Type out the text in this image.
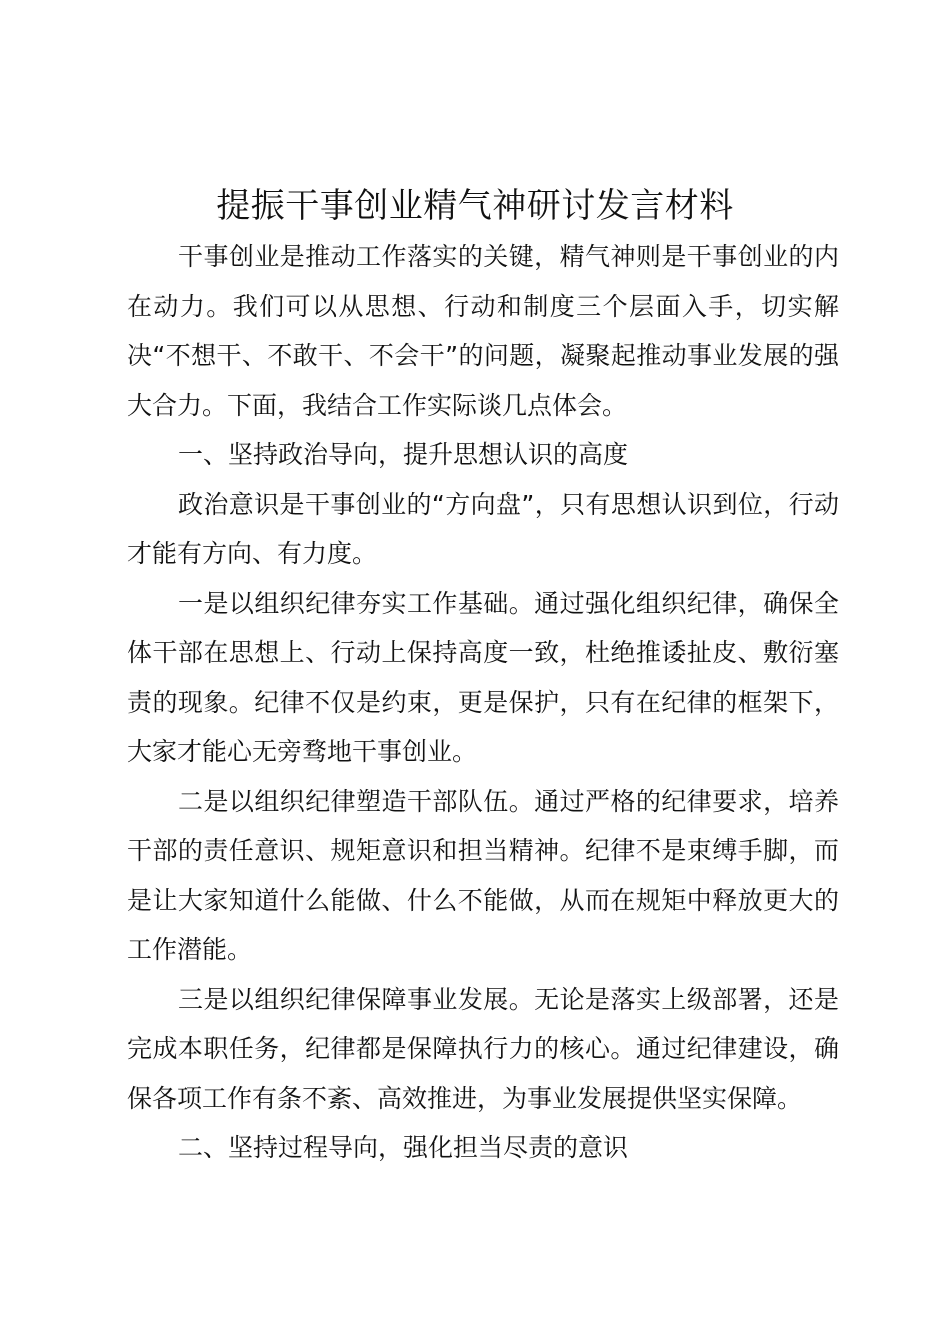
提振干事创业精气神研讨发言材料

干事创业是推动工作落实的关键，精气神则是干事创业的内在动力。我们可以从思想、行动和制度三个层面入手，切实解决“不想干、不敢干、不会干”的问题，凝聚起推动事业发展的强大合力。下面，我结合工作实际谈几点体会。

一、坚持政治导向，提升思想认识的高度

政治意识是干事创业的“方向盘”，只有思想认识到位，行动才能有方向、有力度。

一是以组织纪律夯实工作基础。通过强化组织纪律，确保全体干部在思想上、行动上保持高度一致，杜绝推诿扯皮、敷衍塞责的现象。纪律不仅是约束，更是保护，只有在纪律的框架下，大家才能心无旁骛地干事创业。

二是以组织纪律塑造干部队伍。通过严格的纪律要求，培养干部的责任意识、规矩意识和担当精神。纪律不是束缚手脚，而是让大家知道什么能做、什么不能做，从而在规矩中释放更大的工作潜能。

三是以组织纪律保障事业发展。无论是落实上级部署，还是完成本职任务，纪律都是保障执行力的核心。通过纪律建设，确保各项工作有条不紊、高效推进，为事业发展提供坚实保障。

二、坚持过程导向，强化担当尽责的意识
